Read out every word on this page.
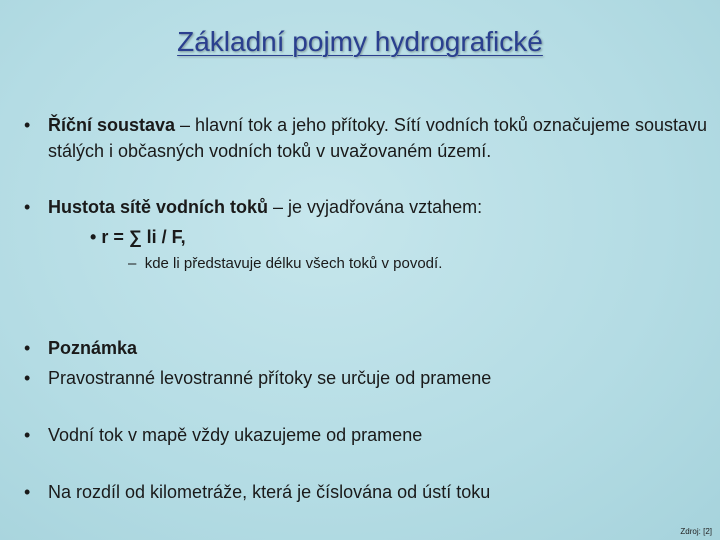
Základní pojmy hydrografické
• Říční soustava – hlavní tok a jeho přítoky. Sítí vodních toků označujeme soustavu stálých i občasných vodních toků v uvažovaném území.
• Hustota sítě vodních toků – je vyjadřována vztahem:
• r = ∑ li / F,
–  kde li představuje délku všech toků v povodí.
• Poznámka
• Pravostranné levostranné přítoky se určuje od pramene
• Vodní tok v mapě vždy ukazujeme od pramene
• Na rozdíl od kilometráže, která je číslována od ústí toku
Zdroj: [2]
